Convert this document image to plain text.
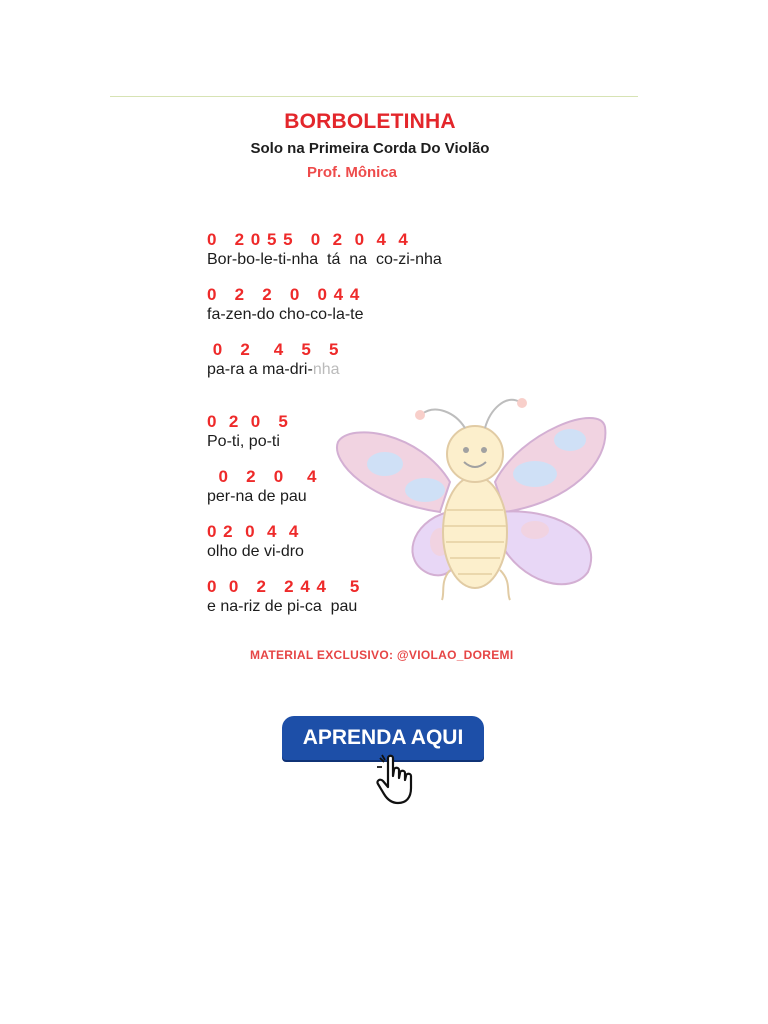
BORBOLETINHA
Solo na Primeira Corda Do Violão
Prof. Mônica
0   2 0 5 5   0  2  0  4  4
Bor-bo-le-ti-nha  tá  na  co-zi-nha
0   2   2   0   0 4 4
fa-zen-do cho-co-la-te
0   2    4   5   5
pa-ra a ma-dri-nha
0  2  0   5
Po-ti, po-ti
0   2   0    4
per-na de pau
0 2  0  4  4
olho de vi-dro
0  0   2   2 4 4    5
e na-riz de pi-ca  pau
MATERIAL EXCLUSIVO: @VIOLAO_DOREMI
APRENDA AQUI
